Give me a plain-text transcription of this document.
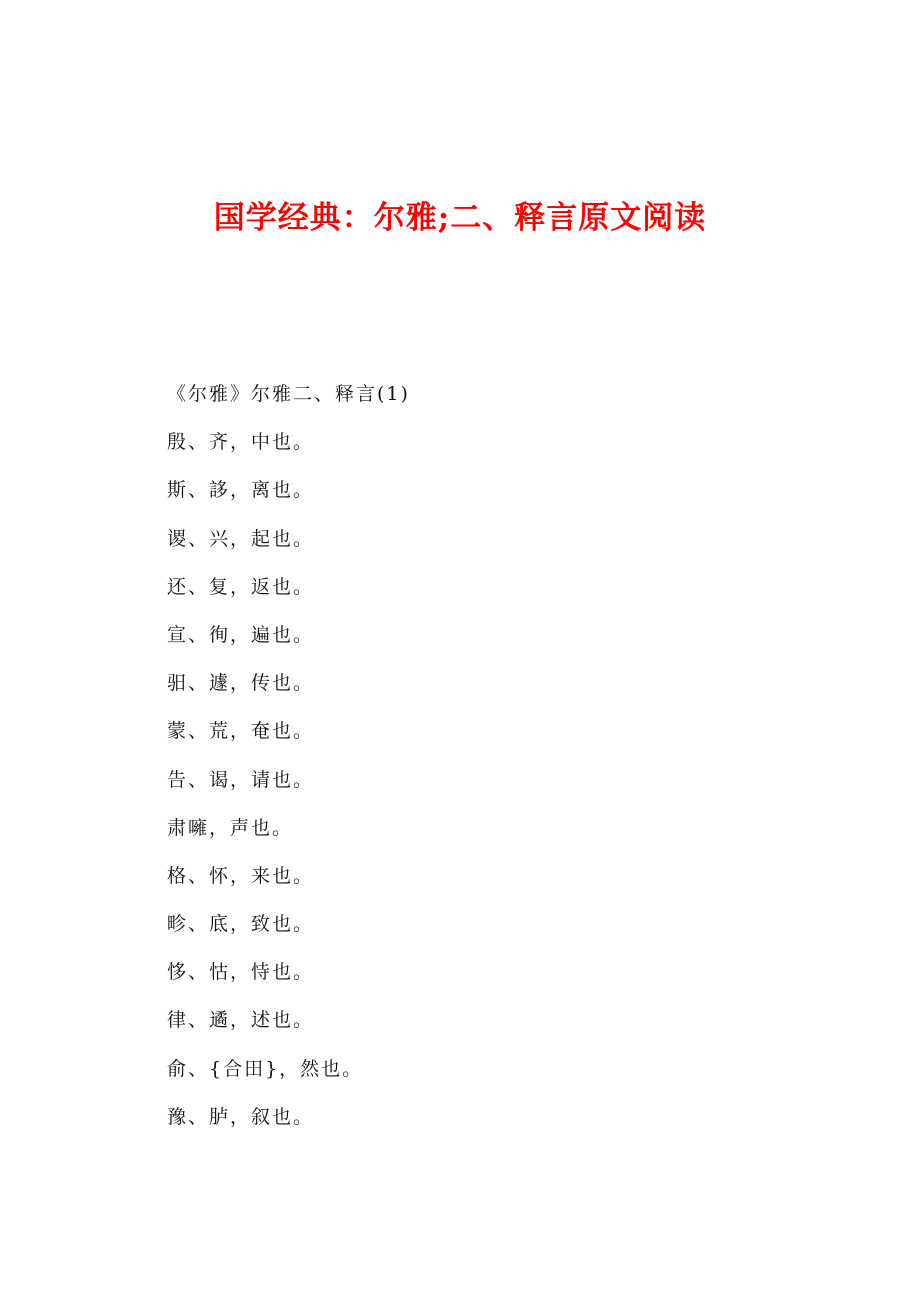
国学经典：尔雅;二、释言原文阅读
《尔雅》尔雅二、释言(1)
殷、齐，中也。
斯、誃，离也。
谡、兴，起也。
还、复，返也。
宣、徇，遍也。
驲、遽，传也。
蒙、荒，奄也。
告、谒，请也。
肃噰，声也。
格、怀，来也。
畛、底，致也。
恀、怙，恃也。
律、遹，述也。
俞、{合田}，然也。
豫、胪，叙也。
